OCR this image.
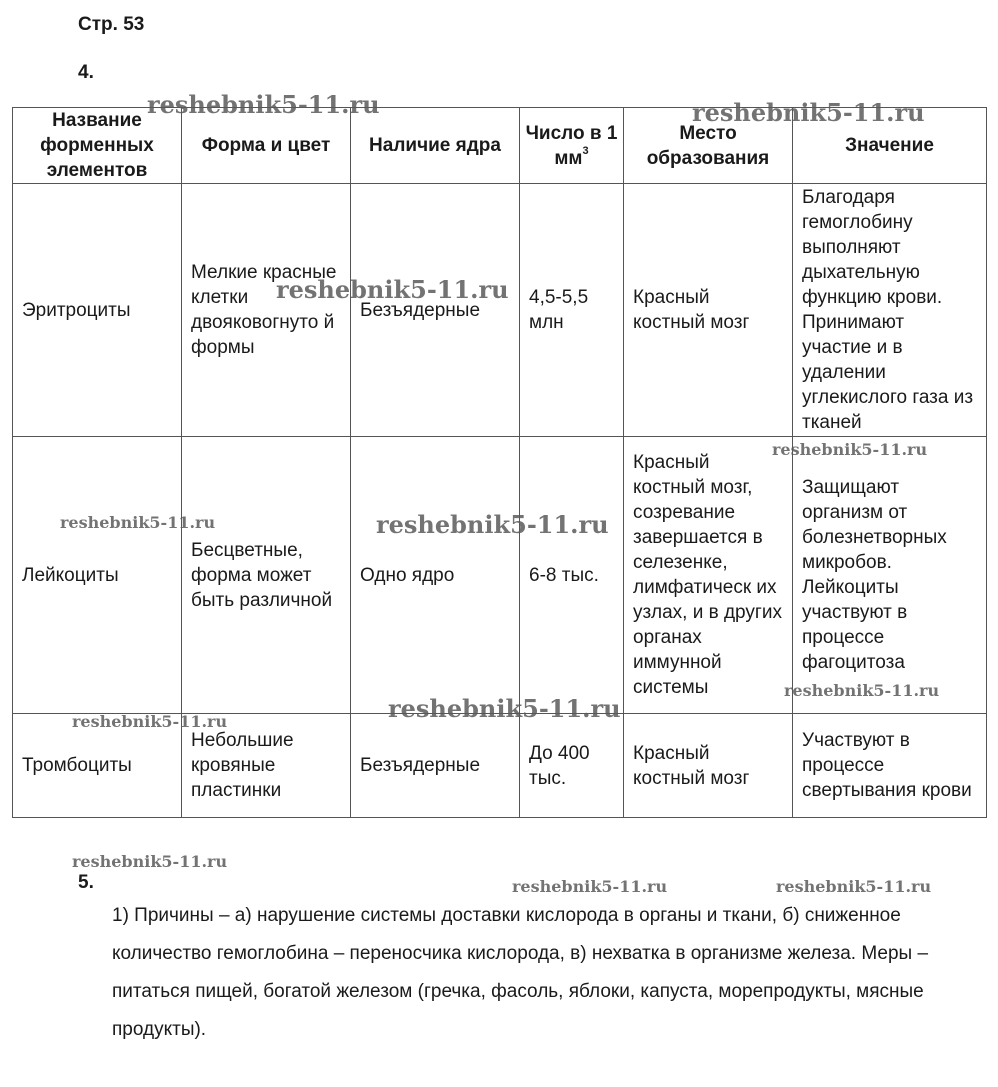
Стр. 53
4.
Название форменных элементов	Форма и цвет	Наличие ядра	Число в 1 $мм^3$	Место образования	Значение
Эритроциты	Мелкие красные клетки двояковогнуто й формы	Безъядерные	4,5-5,5 млн	Красный костный мозг	Благодаря гемоглобину выполняют дыхательную функцию крови. Принимают участие и в удалении углекислого газа из тканей
Лейкоциты	Бесцветные, форма может быть различной	Одно ядро	6-8 тыс.	Красный костный мозг, созревание завершается в селезенке, лимфатическ их узлах, и в других органах иммунной системы	Защищают организм от болезнетворных микробов. Лейкоциты участвуют в процессе фагоцитоза
Тромбоциты	Небольшие кровяные пластинки	Безъядерные	До 400 тыс.	Красный костный мозг	Участвуют в процессе свертывания крови
5.
1) Причины – а) нарушение системы доставки кислорода в органы и ткани, б) сниженное количество гемоглобина – переносчика кислорода, в) нехватка в организме железа. Меры – питаться пищей, богатой железом (гречка, фасоль, яблоки, капуста, морепродукты, мясные продукты).
reshebnik5-11.ru	reshebnik5-11.ru
reshebnik5-11.ru
reshebnik5-11.ru
reshebnik5-11.ru	reshebnik5-11.ru
reshebnik5-11.ru
reshebnik5-11.ru
reshebnik5-11.ru
reshebnik5-11.ru
reshebnik5-11.ru	reshebnik5-11.ru
